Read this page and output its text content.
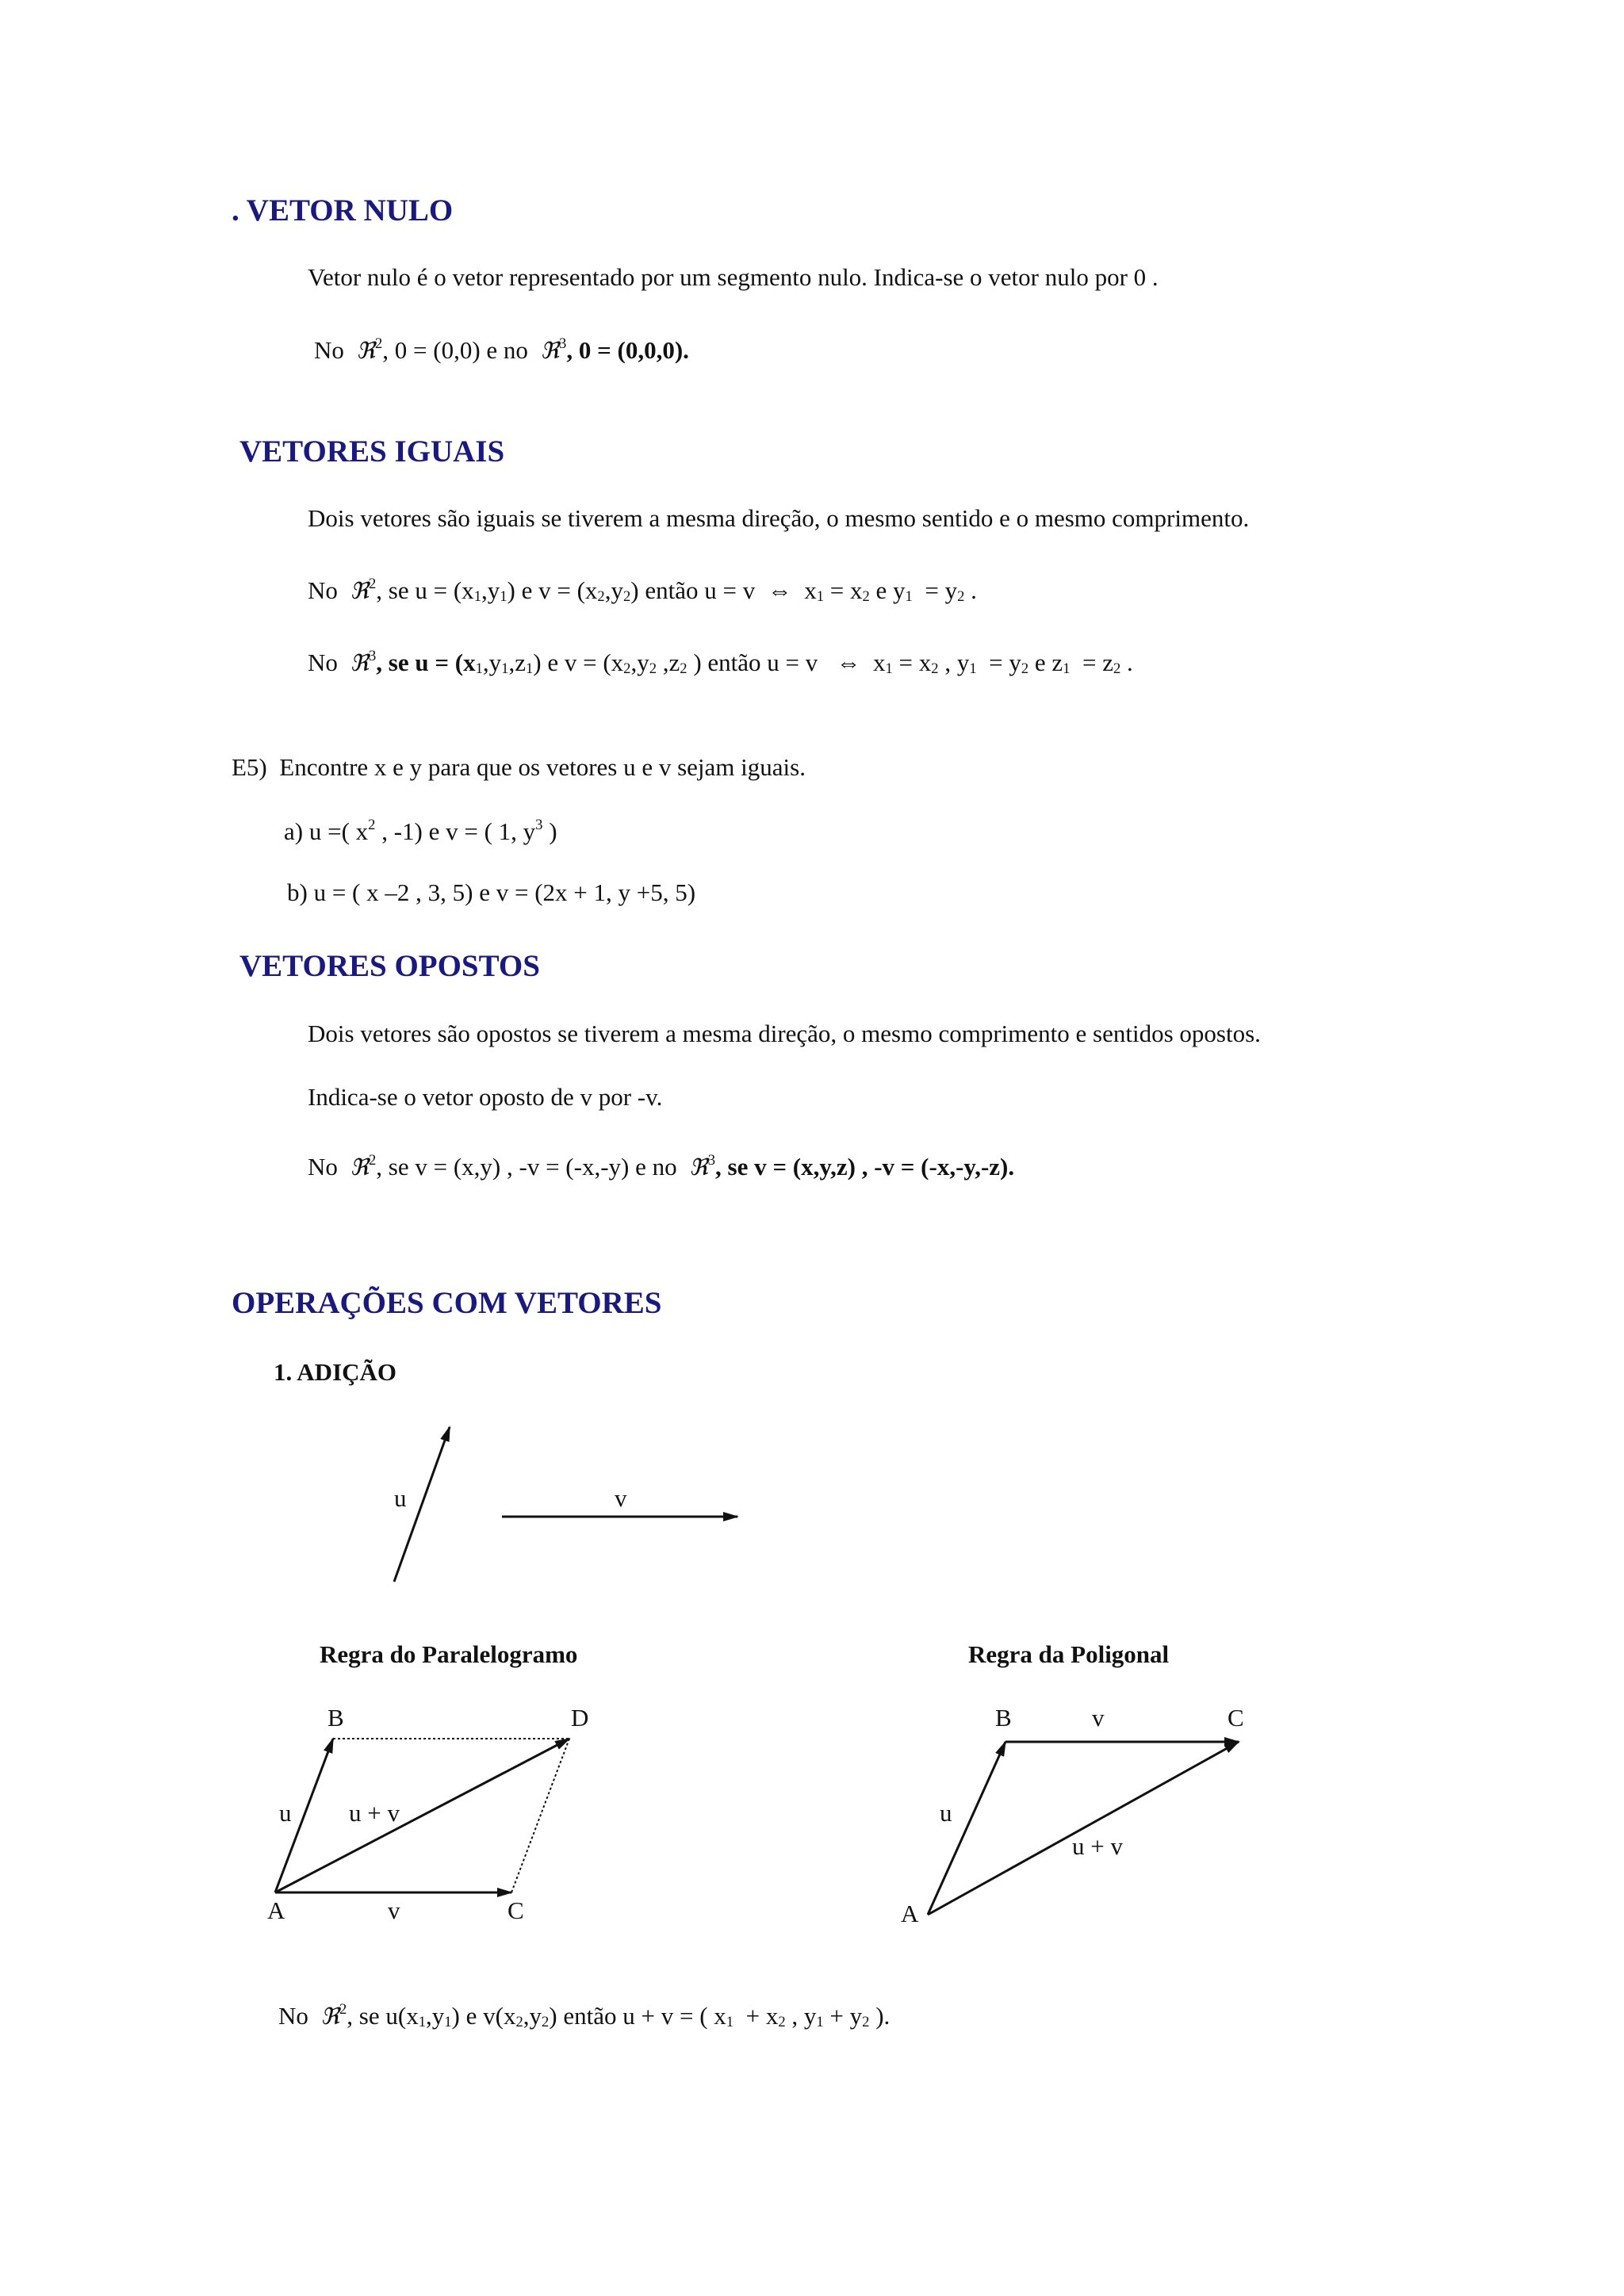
. VETOR NULO
Vetor nulo é o vetor representado por um segmento nulo. Indica-se o vetor nulo por 0 .
No ℜ$^2$, 0 = (0,0) e no ℜ$^3$, 0 = (0,0,0).
VETORES IGUAIS
Dois vetores são iguais se tiverem a mesma direção, o mesmo sentido e o mesmo comprimento.
No ℜ$^2$, se $u = (x_1,y_1)$ e $v = (x_2,y_2)$ então u = v ⇔ $x_1 = x_2$ e $y_1 = y_2$ .
No ℜ$^3$, se $u = (x_1,y_1,z_1)$ e $v = (x_2,y_2$ $,z_2$ ) então u = v ⇔ $x_1 = x_2$ , $y_1 = y_2$ e $z_1 = z_2$ .
E5) Encontre x e y para que os vetores u e v sejam iguais.
a) u =( $x^2$ , -1) e v = ( 1, $y^3$ )
b) u = ( x –2 , 3, 5) e v = (2x + 1, y +5, 5)
VETORES OPOSTOS
Dois vetores são opostos se tiverem a mesma direção, o mesmo comprimento e sentidos opostos.
Indica-se o vetor oposto de v por -v.
No ℜ$^2$, se v = (x,y) , -v = (-x,-y) e no ℜ$^3$, se v = (x,y,z) , -v = (-x,-y,-z).
OPERAÇÕES COM VETORES
1. ADIÇÃO
u	v
Regra do Paralelogramo
B	D
A	C
u u + v
v
Regra da Poligonal
B	v	C
u
u + v
A
No ℜ$^2$, se $u(x_1,y_1)$ e $v(x_2,y_2)$ então u + v = ( $x_1 + x_2$ , $y_1 + y_2$ ).
